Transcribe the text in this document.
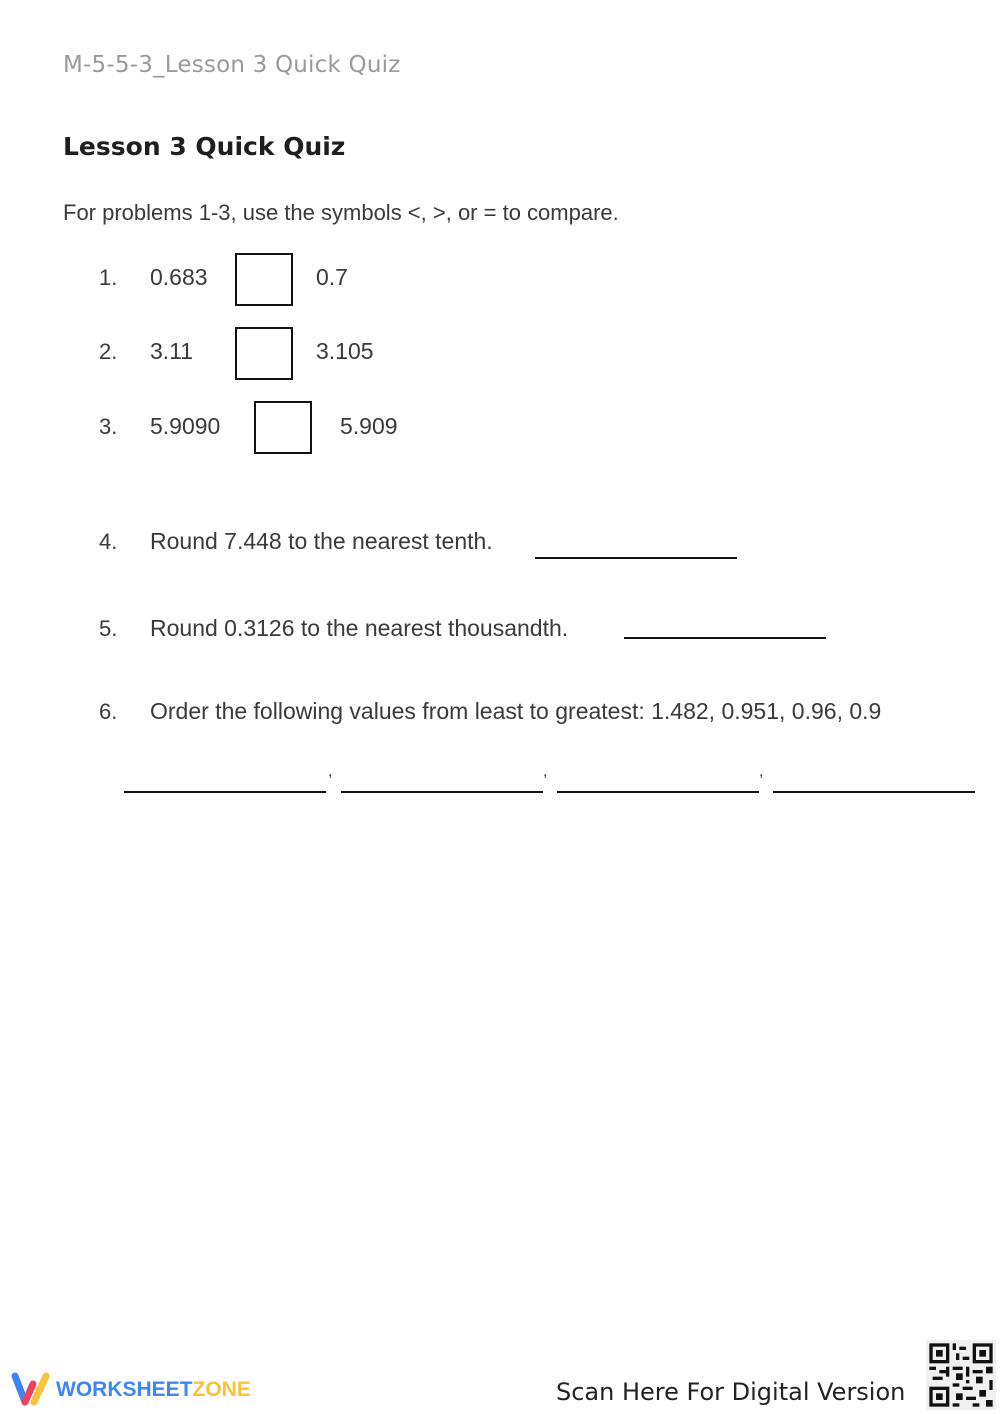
M-5-5-3_Lesson 3 Quick Quiz
Lesson 3 Quick Quiz
For problems 1-3, use the symbols <, >, or = to compare.
1. 0.683	0.7
2. 3.11	3.105
3. 5.9090	5.909
4. Round 7.448 to the nearest tenth.
5. Round 0.3126 to the nearest thousandth.
6. Order the following values from least to greatest: 1.482, 0.951, 0.96, 0.9
,	,	,
WORKSHEETZONE	Scan Here For Digital Version
